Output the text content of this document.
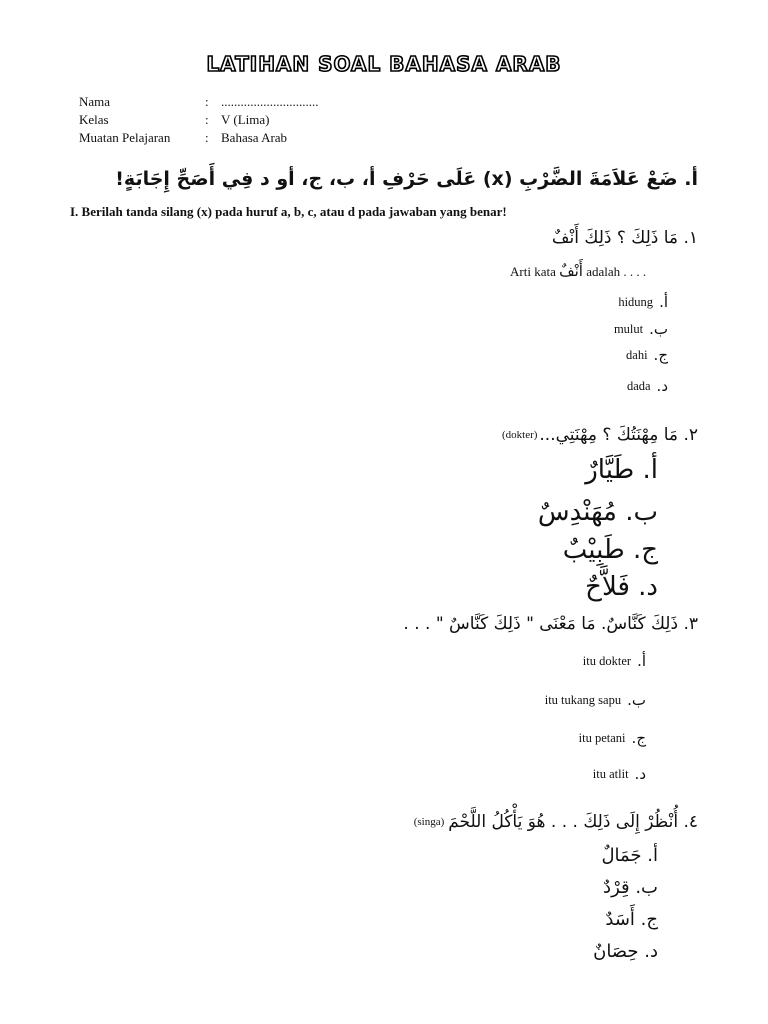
LATIHAN SOAL BAHASA ARAB
Nama	: ..............................
Kelas	: V (Lima)
Muatan Pelajaran	: Bahasa Arab
أ. ضَعْ عَلاَمَةَ الضَّرْبِ (x) عَلَى حَرْفِ أ، ب، ج، أو د فِي أَصَحِّ إِجَابَةٍ!
I. Berilah tanda silang (x) pada huruf a, b, c, atau d pada jawaban yang benar!
١. مَا ذَلِكَ ؟ ذَلِكَ أَنْفٌ
Arti kata أَنْفٌ adalah . . . .
hidung أ.
mulut ب.
dahi ج.
dada د.
(dokter) ٢. مَا مِهْنَتُكَ ؟ مِهْنَتِي...
أ. طَيَّارٌ
ب. مُهَنْدِسٌ
ج. طَبِيْبٌ
د. فَلاَّحٌ
٣. ذَلِكَ كَنَّاسٌ. مَا مَعْنَى " ذَلِكَ كَنَّاسٌ " . . .
itu dokter أ.
itu tukang sapu ب.
itu petani ج.
itu atlit د.
(singa) ٤. أُنْظُرْ إِلَى ذَلِكَ . . . هُوَ يَأْكُلُ اللَّحْمَ
أ. جَمَالٌ
ب. قِرْدٌ
ج. أَسَدٌ
د. حِصَانٌ
